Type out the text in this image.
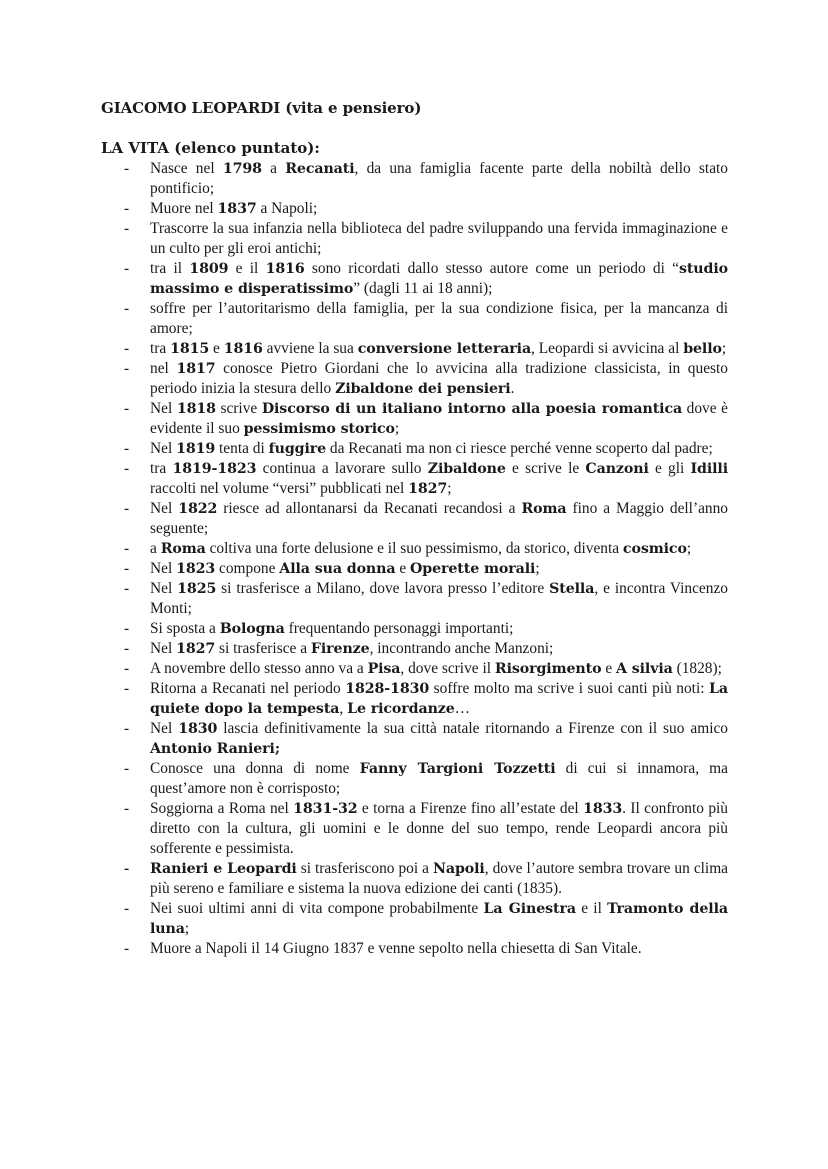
GIACOMO LEOPARDI (vita e pensiero)
LA VITA (elenco puntato):
-	Nasce nel 1798 a Recanati, da una famiglia facente parte della nobiltà dello stato pontificio;
-	Muore nel 1837 a Napoli;
-	Trascorre la sua infanzia nella biblioteca del padre sviluppando una fervida immaginazione e un culto per gli eroi antichi;
-	tra il 1809 e il 1816 sono ricordati dallo stesso autore come un periodo di “studio massimo e disperatissimo” (dagli 11 ai 18 anni);
-	soffre per l’autoritarismo della famiglia, per la sua condizione fisica, per la mancanza di amore;
-	tra 1815 e 1816 avviene la sua conversione letteraria, Leopardi si avvicina al bello;
-	nel 1817 conosce Pietro Giordani che lo avvicina alla tradizione classicista, in questo periodo inizia la stesura dello Zibaldone dei pensieri.
-	Nel 1818 scrive Discorso di un italiano intorno alla poesia romantica dove è evidente il suo pessimismo storico;
-	Nel 1819 tenta di fuggire da Recanati ma non ci riesce perché venne scoperto dal padre;
-	tra 1819-1823 continua a lavorare sullo Zibaldone e scrive le Canzoni e gli Idilli raccolti nel volume “versi” pubblicati nel 1827;
-	Nel 1822 riesce ad allontanarsi da Recanati recandosi a Roma fino a Maggio dell’anno seguente;
-	a Roma coltiva una forte delusione e il suo pessimismo, da storico, diventa cosmico;
-	Nel 1823 compone Alla sua donna e Operette morali;
-	Nel 1825 si trasferisce a Milano, dove lavora presso l’editore Stella, e incontra Vincenzo Monti;
-	Si sposta a Bologna frequentando personaggi importanti;
-	Nel 1827 si trasferisce a Firenze, incontrando anche Manzoni;
-	A novembre dello stesso anno va a Pisa, dove scrive il Risorgimento e A silvia (1828);
-	Ritorna a Recanati nel periodo 1828-1830 soffre molto ma scrive i suoi canti più noti: La quiete dopo la tempesta, Le ricordanze…
-	Nel 1830 lascia definitivamente la sua città natale ritornando a Firenze con il suo amico Antonio Ranieri;
-	Conosce una donna di nome Fanny Targioni Tozzetti di cui si innamora, ma quest’amore non è corrisposto;
-	Soggiorna a Roma nel 1831-32 e torna a Firenze fino all’estate del 1833. Il confronto più diretto con la cultura, gli uomini e le donne del suo tempo, rende Leopardi ancora più sofferente e pessimista.
-	Ranieri e Leopardi si trasferiscono poi a Napoli, dove l’autore sembra trovare un clima più sereno e familiare e sistema la nuova edizione dei canti (1835).
-	Nei suoi ultimi anni di vita compone probabilmente La Ginestra e il Tramonto della luna;
-	Muore a Napoli il 14 Giugno 1837 e venne sepolto nella chiesetta di San Vitale.
